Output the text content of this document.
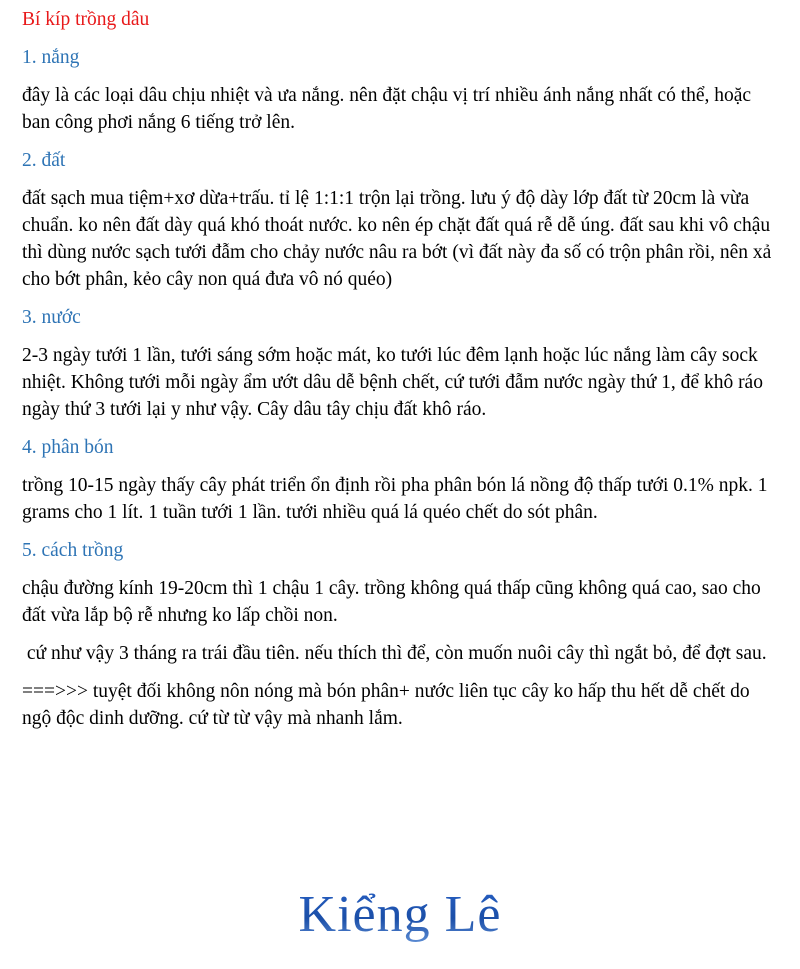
Bí kíp trồng dâu
1. nắng
đây là các loại dâu chịu nhiệt và ưa nắng. nên đặt chậu vị trí nhiều ánh nắng nhất có thể, hoặc ban công phơi nắng 6 tiếng trở lên.
2. đất
đất sạch mua tiệm+xơ dừa+trấu. tỉ lệ 1:1:1 trộn lại trồng. lưu ý độ dày lớp đất từ 20cm là vừa chuẩn. ko nên đất dày quá khó thoát nước. ko nên ép chặt đất quá rễ dễ úng. đất sau khi vô chậu thì dùng nước sạch tưới đẫm cho chảy nước nâu ra bớt (vì đất này đa số có trộn phân rồi, nên xả cho bớt phân, kẻo cây non quá đưa vô nó quéo)
3. nước
2-3 ngày tưới 1 lần, tưới sáng sớm hoặc mát, ko tưới lúc đêm lạnh hoặc lúc nắng làm cây sock nhiệt. Không tưới mỗi ngày ẩm ướt dâu dễ bệnh chết, cứ tưới đẫm nước ngày thứ 1, để khô ráo ngày thứ 3 tưới lại y như vậy. Cây dâu tây chịu đất khô ráo.
4. phân bón
trồng 10-15 ngày thấy cây phát triển ổn định rồi pha phân bón lá nồng độ thấp tưới 0.1% npk. 1 grams cho 1 lít. 1 tuần tưới 1 lần. tưới nhiều quá lá quéo chết do sót phân.
5. cách trồng
chậu đường kính 19-20cm thì 1 chậu 1 cây. trồng không quá thấp cũng không quá cao, sao cho đất vừa lắp bộ rễ nhưng ko lấp chồi non.
cứ như vậy 3 tháng ra trái đầu tiên. nếu thích thì để, còn muốn nuôi cây thì ngắt bỏ, để đợt sau.
===>>> tuyệt đối không nôn nóng mà bón phân+ nước liên tục cây ko hấp thu hết dễ chết do ngộ độc dinh dưỡng. cứ từ từ vậy mà nhanh lắm.
Kiểng Lê
